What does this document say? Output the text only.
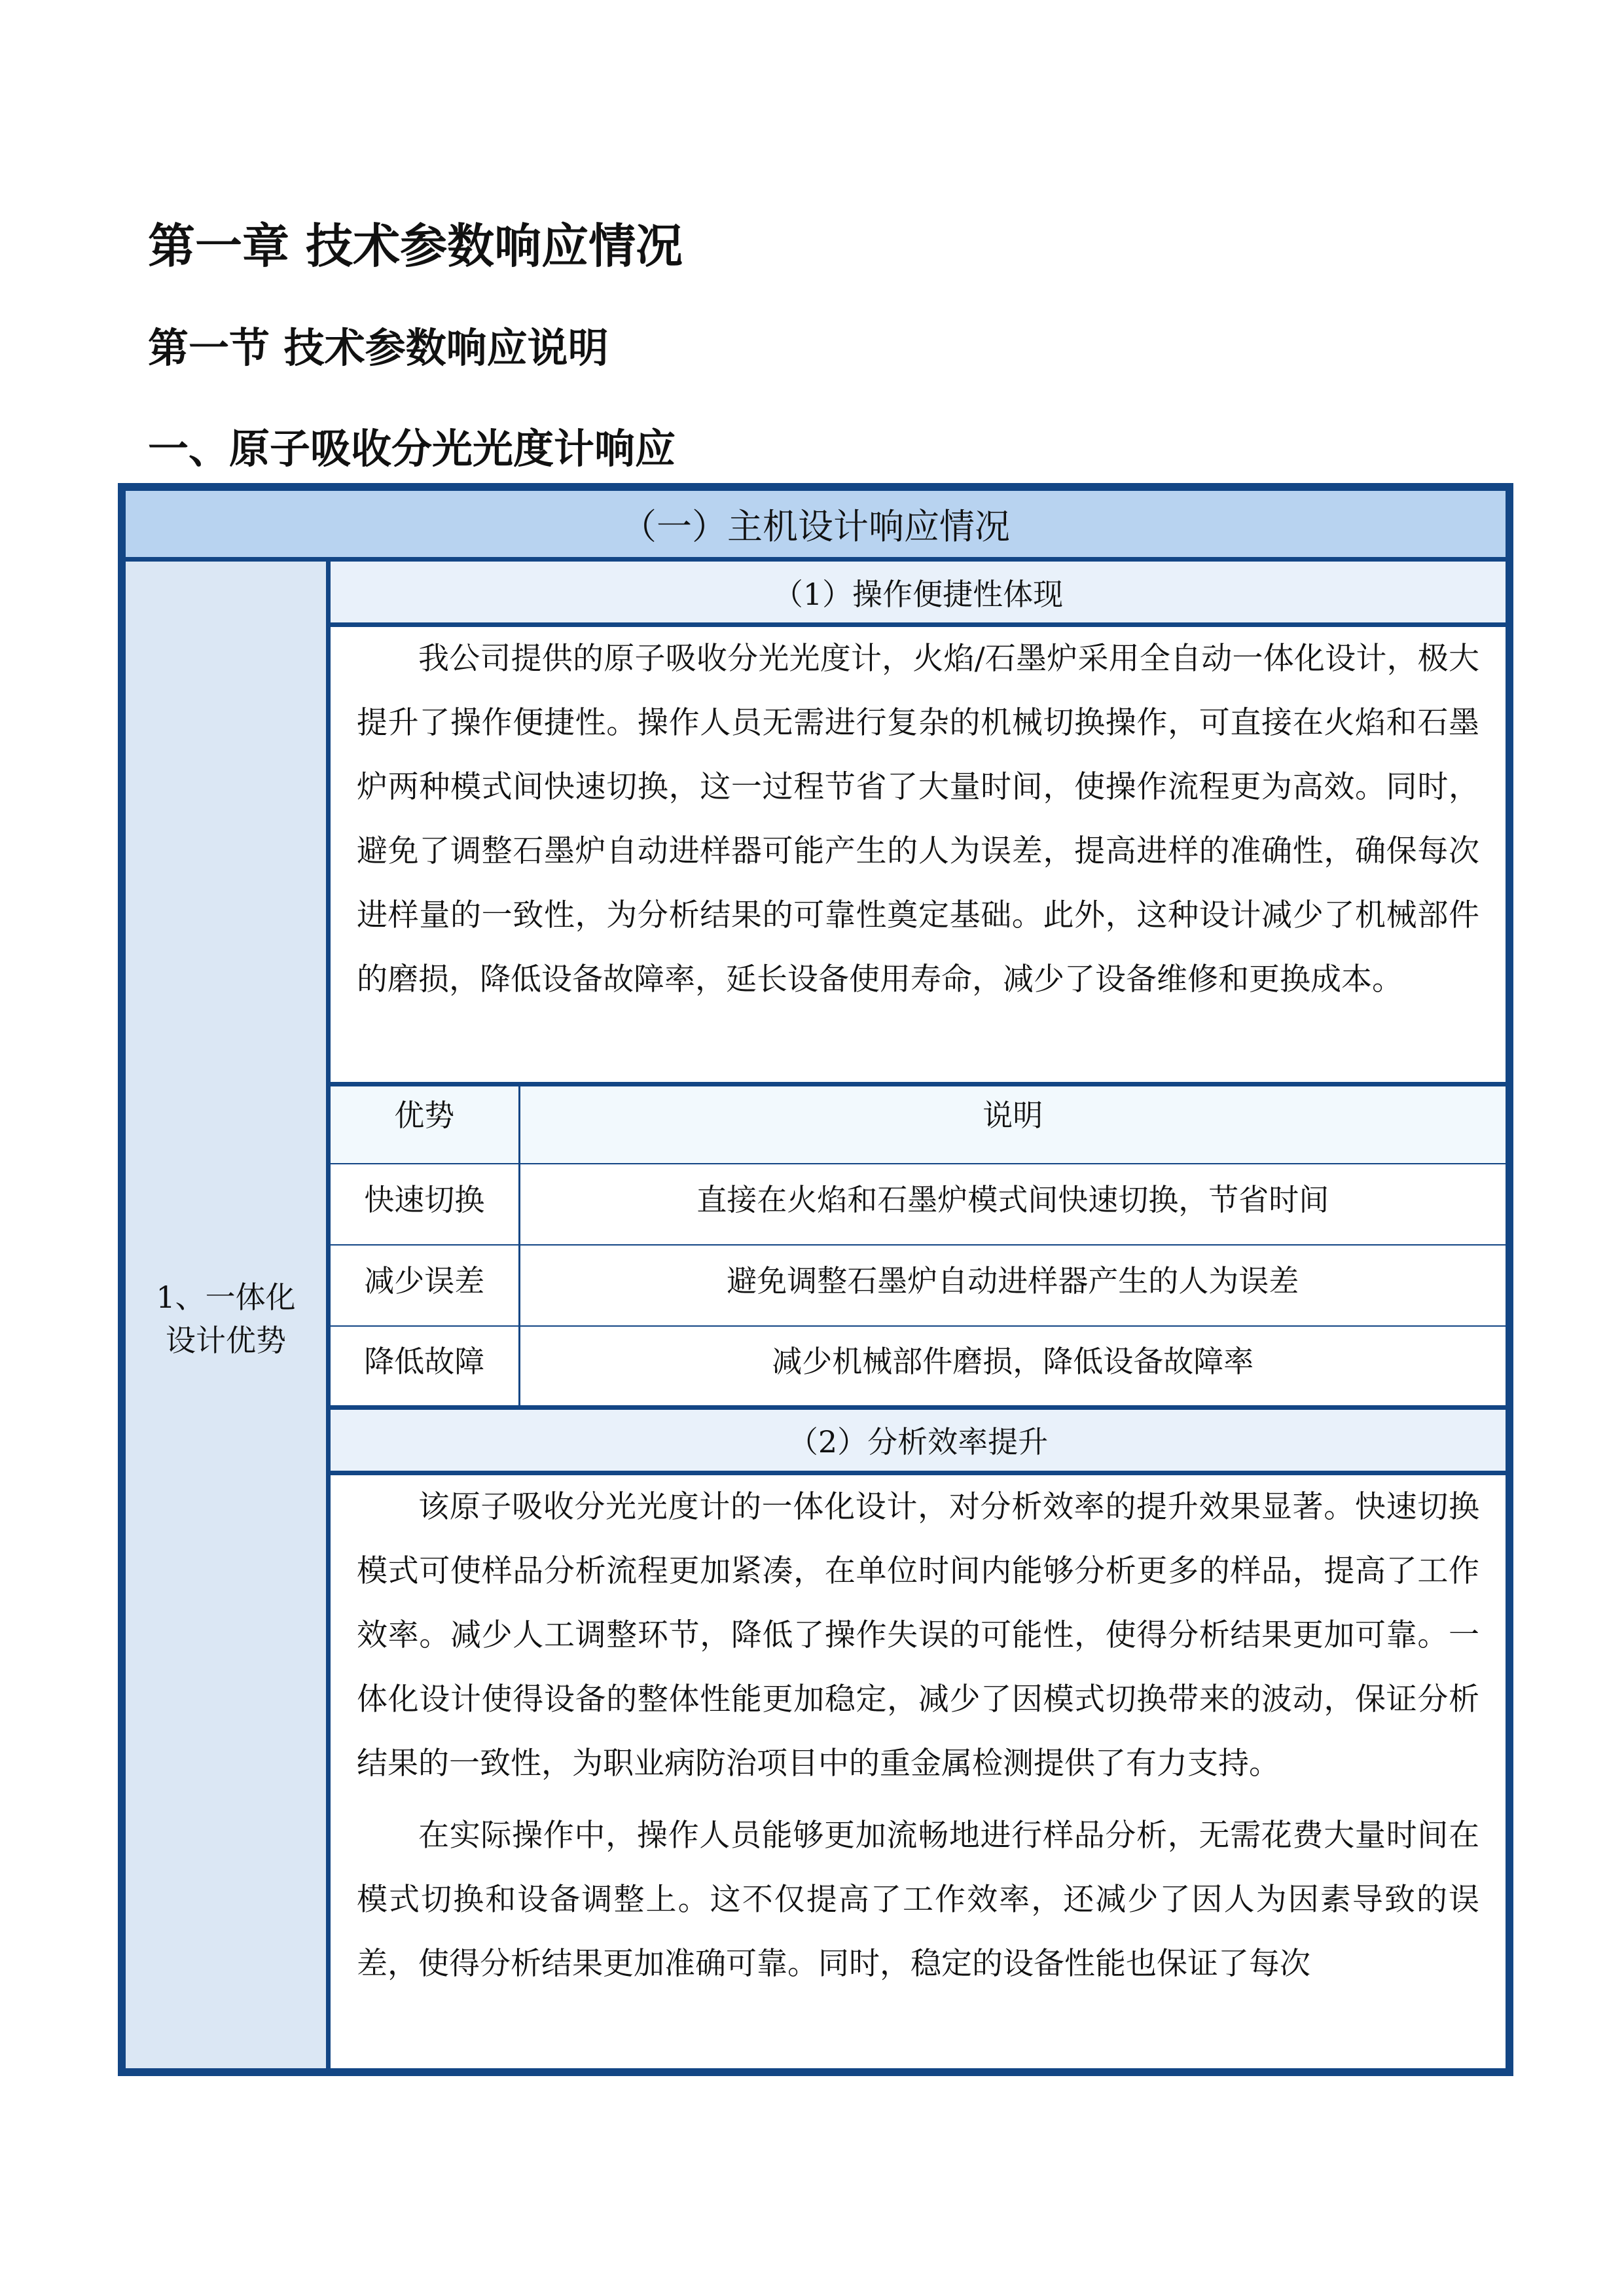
第一章 技术参数响应情况
第一节 技术参数响应说明
一、原子吸收分光光度计响应
（一）主机设计响应情况
1、一体化
设计优势
（1）操作便捷性体现

我公司提供的原子吸收分光光度计，火焰/石墨炉采用全自动一体化设计，极大提升了操作便捷性。操作人员无需进行复杂的机械切换操作，可直接在火焰和石墨炉两种模式间快速切换，这一过程节省了大量时间，使操作流程更为高效。同时，避免了调整石墨炉自动进样器可能产生的人为误差，提高进样的准确性，确保每次进样量的一致性，为分析结果的可靠性奠定基础。此外，这种设计减少了机械部件的磨损，降低设备故障率，延长设备使用寿命，减少了设备维修和更换成本。

优势	说明
快速切换	直接在火焰和石墨炉模式间快速切换，节省时间
减少误差	避免调整石墨炉自动进样器产生的人为误差
降低故障	减少机械部件磨损，降低设备故障率
（2）分析效率提升

该原子吸收分光光度计的一体化设计，对分析效率的提升效果显著。快速切换模式可使样品分析流程更加紧凑，在单位时间内能够分析更多的样品，提高了工作效率。减少人工调整环节，降低了操作失误的可能性，使得分析结果更加可靠。一体化设计使得设备的整体性能更加稳定，减少了因模式切换带来的波动，保证分析结果的一致性，为职业病防治项目中的重金属检测提供了有力支持。

在实际操作中，操作人员能够更加流畅地进行样品分析，无需花费大量时间在模式切换和设备调整上。这不仅提高了工作效率，还减少了因人为因素导致的误差，使得分析结果更加准确可靠。同时，稳定的设备性能也保证了每次
